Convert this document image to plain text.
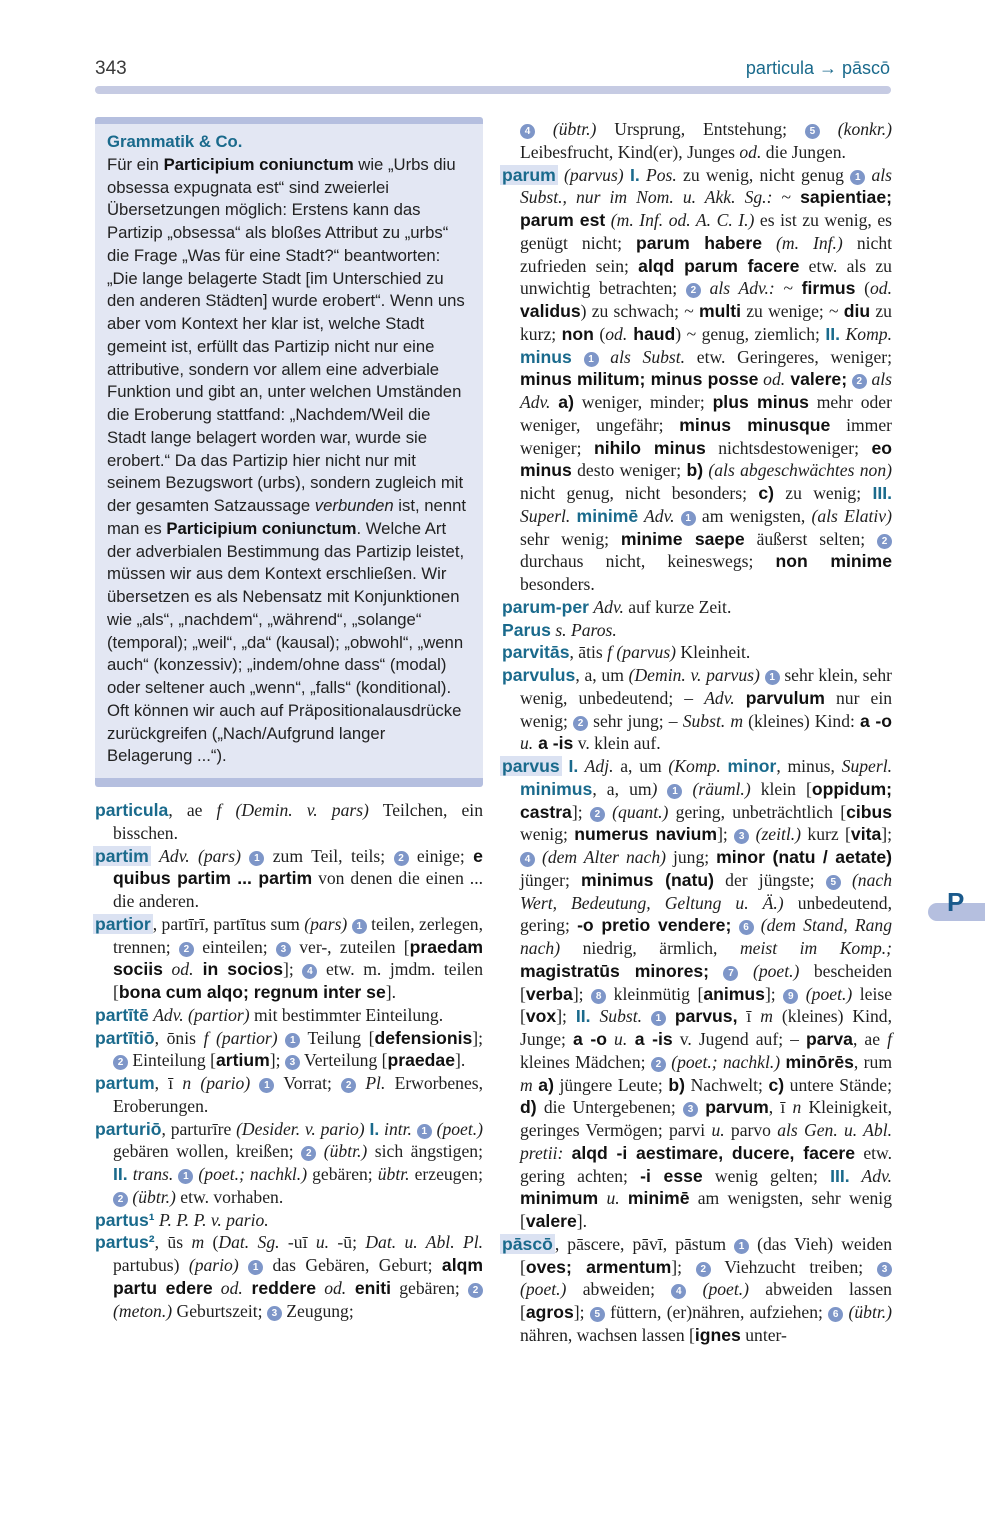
343	particula → pāscō
Grammatik & Co.
Für ein Participium coniunctum wie „Urbs diu obsessa expugnata est“ sind zweierlei Übersetzungen möglich: Erstens kann das Partizip „obsessa“ als bloßes Attribut zu „urbs“ die Frage „Was für eine Stadt?“ beantworten: „Die lange belagerte Stadt [im Unterschied zu den anderen Städten] wurde erobert“. Wenn uns aber vom Kontext her klar ist, welche Stadt gemeint ist, erfüllt das Partizip nicht nur eine attributive, sondern vor allem eine adverbiale Funktion und gibt an, unter welchen Umständen die Eroberung stattfand: „Nachdem/Weil die Stadt lange belagert worden war, wurde sie erobert.“ Da das Partizip hier nicht nur mit seinem Bezugswort (urbs), sondern zugleich mit der gesamten Satzaussage verbunden ist, nennt man es Participium coniunctum. Welche Art der adverbialen Bestimmung das Partizip leistet, müssen wir aus dem Kontext erschließen. Wir übersetzen es als Nebensatz mit Konjunktionen wie „als“, „nachdem“, „während“, „solange“ (temporal); „weil“, „da“ (kausal); „obwohl“, „wenn auch“ (konzessiv); „indem/ohne dass“ (modal) oder seltener auch „wenn“, „falls“ (konditional). Oft können wir auch auf Präpositionalausdrücke zurückgreifen („Nach/Aufgrund langer Belagerung ...“).

particula, ae f (Demin. v. pars) Teilchen, ein bisschen.

partim Adv. (pars) 1 zum Teil, teils; 2 einige; e quibus partim ... partim von denen die einen ... die anderen.

partior , partīrī, partītus sum (pars) 1 teilen, zerlegen, trennen; 2 einteilen; 3 ver-, zuteilen [praedam sociis od. in socios]; 4 etw. m. jmdm. teilen [bona cum alqo; regnum inter se].

partītē Adv. (partior) mit bestimmter Einteilung.

partītiō, ōnis f (partior) 1 Teilung [defensionis]; 2 Einteilung [artium]; 3 Verteilung [praedae].

partum, ī n (pario) 1 Vorrat; 2 Pl. Erworbenes, Eroberungen.

parturiō, parturīre (Desider. v. pario) I. intr. 1 (poet.) gebären wollen, kreißen; 2 (übtr.) sich ängstigen; II. trans. 1 (poet.; nachkl.) gebären; übtr. erzeugen; 2 (übtr.) etw. vorhaben.

partus¹ P. P. P. v. pario.

partus², ūs m (Dat. Sg. -uī u. -ū; Dat. u. Abl. Pl. partubus) (pario) 1 das Gebären, Geburt; alqm partu edere od. reddere od. eniti gebären; 2 (meton.) Geburtszeit; 3 Zeugung;

4 (übtr.) Ursprung, Entstehung; 5 (konkr.) Leibesfrucht, Kind(er), Junges od. die Jungen.

parum (parvus) I. Pos. zu wenig, nicht genug 1 als Subst., nur im Nom. u. Akk. Sg.: ~ sapientiae; parum est (m. Inf. od. A. C. I.) es ist zu wenig, es genügt nicht; parum habere (m. Inf.) nicht zufrieden sein; alqd parum facere etw. als zu unwichtig betrachten; 2 als Adv.: ~ firmus (od. validus) zu schwach; ~ multi zu wenige; ~ diu zu kurz; non (od. haud) ~ genug, ziemlich; II. Komp. minus 1 als Subst. etw. Geringeres, weniger; minus militum; minus posse od. valere; 2 als Adv. a) weniger, minder; plus minus mehr oder weniger, ungefähr; minus minusque immer weniger; nihilo minus nichtsdestoweniger; eo minus desto weniger; b) (als abgeschwächtes non) nicht genug, nicht besonders; c) zu wenig; III. Superl. minimē Adv. 1 am wenigsten, (als Elativ) sehr wenig; minime saepe äußerst selten; 2 durchaus nicht, keineswegs; non minime besonders.

parum-per Adv. auf kurze Zeit.

Parus s. Paros.

parvitās, ātis f (parvus) Kleinheit.

parvulus, a, um (Demin. v. parvus) 1 sehr klein, sehr wenig, unbedeutend; – Adv. parvulum nur ein wenig; 2 sehr jung; – Subst. m (kleines) Kind: a -o u. a -is v. klein auf.

parvus I. Adj. a, um (Komp. minor, minus, Superl. minimus, a, um) 1 (räuml.) klein [oppidum; castra]; 2 (quant.) gering, unbeträchtlich [cibus wenig; numerus navium]; 3 (zeitl.) kurz [vita]; 4 (dem Alter nach) jung; minor (natu / aetate) jünger; minimus (natu) der jüngste; 5 (nach Wert, Bedeutung, Geltung u. Ä.) unbedeutend, gering; -o pretio vendere; 6 (dem Stand, Rang nach) niedrig, ärmlich, meist im Komp.; magistratūs minores; 7 (poet.) bescheiden [verba]; 8 kleinmütig [animus]; 9 (poet.) leise [vox]; II. Subst. 1 parvus, ī m (kleines) Kind, Junge; a -o u. a -is v. Jugend auf; – parva, ae f kleines Mädchen; 2 (poet.; nachkl.) minōrēs, rum m a) jüngere Leute; b) Nachwelt; c) untere Stände; d) die Untergebenen; 3 parvum, ī n Kleinigkeit, geringes Vermögen; parvi u. parvo als Gen. u. Abl. pretii: alqd -i aestimare, ducere, facere etw. gering achten; -i esse wenig gelten; III. Adv. minimum u. minimē am wenigsten, sehr wenig [valere].

pāscō , pāscere, pāvī, pāstum 1 (das Vieh) weiden [oves; armentum]; 2 Viehzucht treiben; 3 (poet.) abweiden; 4 (poet.) abweiden lassen [agros]; 5 füttern, (er)nähren, aufziehen; 6 (übtr.) nähren, wachsen lassen [ignes unter-

P
